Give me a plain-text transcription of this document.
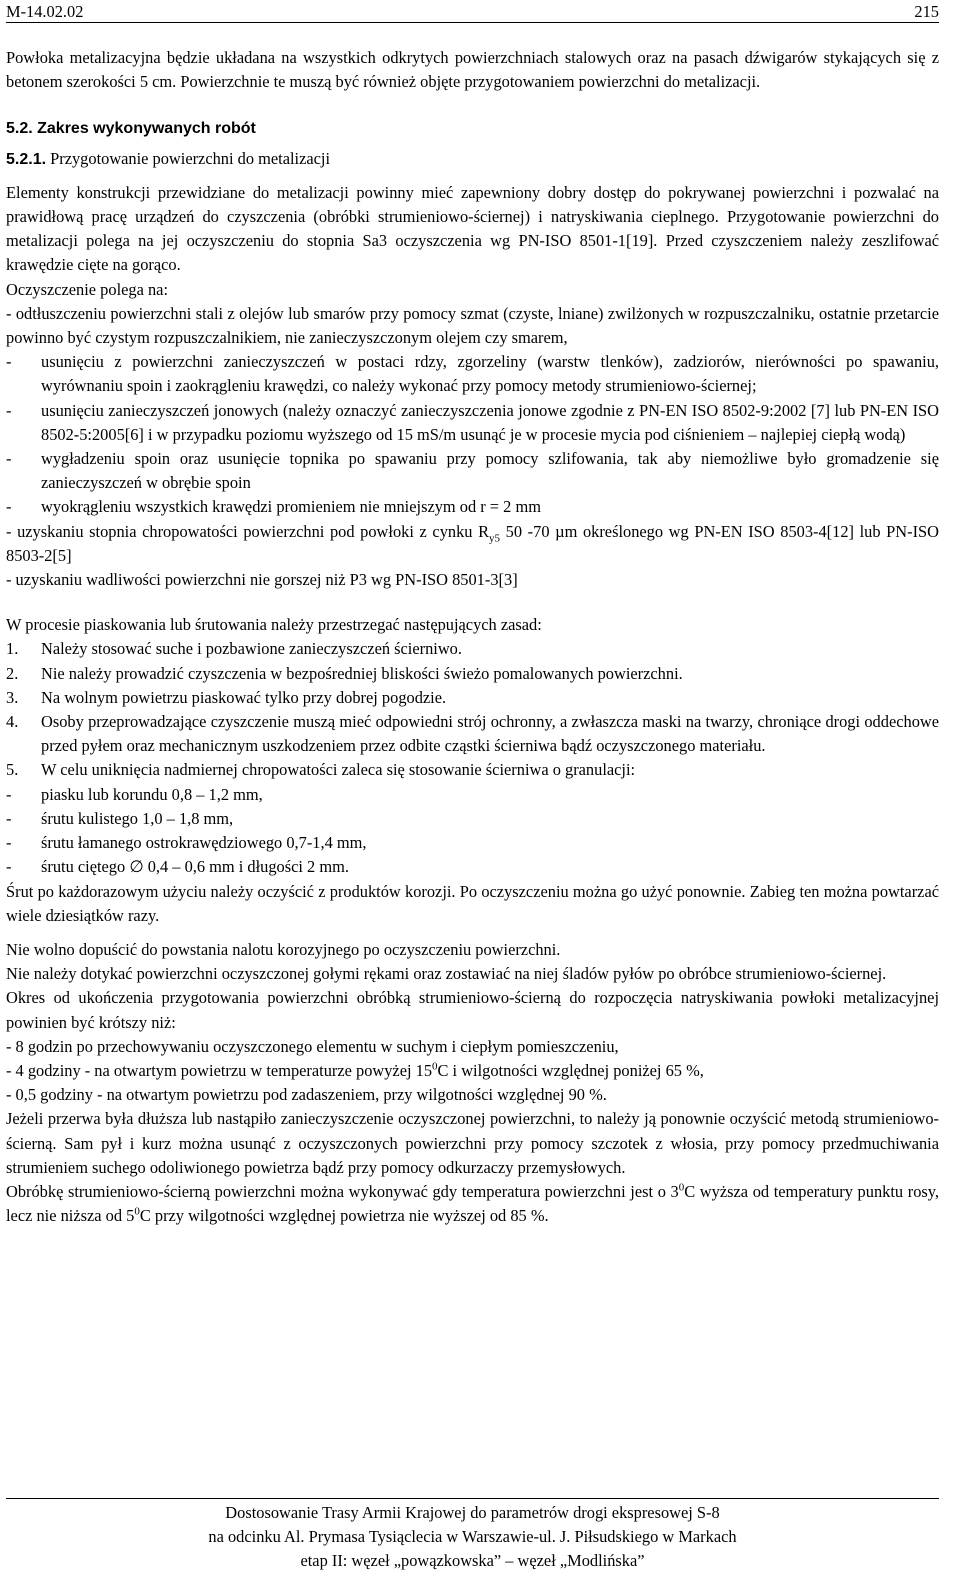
M-14.02.02	215

Powłoka metalizacyjna będzie układana na wszystkich odkrytych powierzchniach stalowych oraz na pasach dźwigarów stykających się z betonem szerokości 5 cm. Powierzchnie te muszą być również objęte przygotowaniem powierzchni do metalizacji.

5.2. Zakres wykonywanych robót

5.2.1. Przygotowanie powierzchni do metalizacji

Elementy konstrukcji przewidziane do metalizacji powinny mieć zapewniony dobry dostęp do pokrywanej powierzchni i pozwalać na prawidłową pracę urządzeń do czyszczenia (obróbki strumieniowo-ściernej) i natryskiwania cieplnego. Przygotowanie powierzchni do metalizacji polega na jej oczyszczeniu do stopnia Sa3 oczyszczenia wg PN-ISO 8501-1[19]. Przed czyszczeniem należy zeszlifować krawędzie cięte na gorąco.

Oczyszczenie polega na:

- odtłuszczeniu powierzchni stali z olejów lub smarów przy pomocy szmat (czyste, lniane) zwilżonych w rozpuszczalniku, ostatnie przetarcie powinno być czystym rozpuszczalnikiem, nie zanieczyszczonym olejem czy smarem,

-	usunięciu z powierzchni zanieczyszczeń w postaci rdzy, zgorzeliny (warstw tlenków), zadziorów, nierówności po spawaniu, wyrównaniu spoin i zaokrągleniu krawędzi, co należy wykonać przy pomocy metody strumieniowo-ściernej;
-	usunięciu zanieczyszczeń jonowych (należy oznaczyć zanieczyszczenia jonowe zgodnie z PN-EN ISO 8502-9:2002 [7] lub PN-EN ISO 8502-5:2005[6] i w przypadku poziomu wyższego od 15 mS/m usunąć je w procesie mycia pod ciśnieniem – najlepiej ciepłą wodą)
-	wygładzeniu spoin oraz usunięcie topnika po spawaniu przy pomocy szlifowania, tak aby niemożliwe było gromadzenie się zanieczyszczeń w obrębie spoin
-	wyokrągleniu wszystkich krawędzi promieniem nie mniejszym od r = 2 mm

- uzyskaniu stopnia chropowatości powierzchni pod powłoki z cynku $R_{y5}$ 50 -70 µm określonego wg PN-EN ISO 8503-4[12] lub PN-ISO 8503-2[5]

- uzyskaniu wadliwości powierzchni nie gorszej niż P3 wg PN-ISO 8501-3[3]

W procesie piaskowania lub śrutowania należy przestrzegać następujących zasad:

1.	Należy stosować suche i pozbawione zanieczyszczeń ścierniwo.
2.	Nie należy prowadzić czyszczenia w bezpośredniej bliskości świeżo pomalowanych powierzchni.
3.	Na wolnym powietrzu piaskować tylko przy dobrej pogodzie.
4.	Osoby przeprowadzające czyszczenie muszą mieć odpowiedni strój ochronny, a zwłaszcza maski na twarzy, chroniące drogi oddechowe przed pyłem oraz mechanicznym uszkodzeniem przez odbite cząstki ściernіwa bądź oczyszczonego materiału.
5.	W celu uniknięcia nadmiernej chropowatości zaleca się stosowanie ścierniwa o granulacji:
-	piasku lub korundu 0,8 – 1,2 mm,
-	śrutu kulistego 1,0 – 1,8 mm,
-	śrutu łamanego ostrokrawędziowego 0,7-1,4 mm,
-	śrutu ciętego ∅ 0,4 – 0,6 mm i długości 2 mm.

Śrut po każdorazowym użyciu należy oczyścić z produktów korozji. Po oczyszczeniu można go użyć ponownie. Zabieg ten można powtarzać wiele dziesiątków razy.

Nie wolno dopuścić do powstania nalotu korozyjnego po oczyszczeniu powierzchni.

Nie należy dotykać powierzchni oczyszczonej gołymi rękami oraz zostawiać na niej śladów pyłów po obróbce strumieniowo-ściernej.

Okres od ukończenia przygotowania powierzchni obróbką strumieniowo-ścierną do rozpoczęcia natryskiwania powłoki metalizacyjnej powinien być krótszy niż:

- 8 godzin po przechowywaniu oczyszczonego elementu w suchym i ciepłym pomieszczeniu,

- 4 godziny - na otwartym powietrzu w temperaturze powyżej $15^0C$ i wilgotności względnej poniżej 65 %,

- 0,5 godziny - na otwartym powietrzu pod zadaszeniem, przy wilgotności względnej 90 %.

Jeżeli przerwa była dłuższa lub nastąpiło zanieczyszczenie oczyszczonej powierzchni, to należy ją ponownie oczyścić metodą strumieniowo-ścierną. Sam pył i kurz można usunąć z oczyszczonych powierzchni przy pomocy szczotek z włosia, przy pomocy przedmuchiwania strumieniem suchego odoliwionego powietrza bądź przy pomocy odkurzaczy przemysłowych.

Obróbkę strumieniowo-ścierną powierzchni można wykonywać gdy temperatura powierzchni jest o $3^0C$ wyższa od temperatury punktu rosy, lecz nie niższa od $5^0C$ przy wilgotności względnej powietrza nie wyższej od 85 %.

Dostosowanie Trasy Armii Krajowej do parametrów drogi ekspresowej S-8
na odcinku Al. Prymasa Tysiąclecia w Warszawie-ul. J. Piłsudskiego w Markach
etap II: węzeł „powązkowska” – węzeł „Modlińska”
